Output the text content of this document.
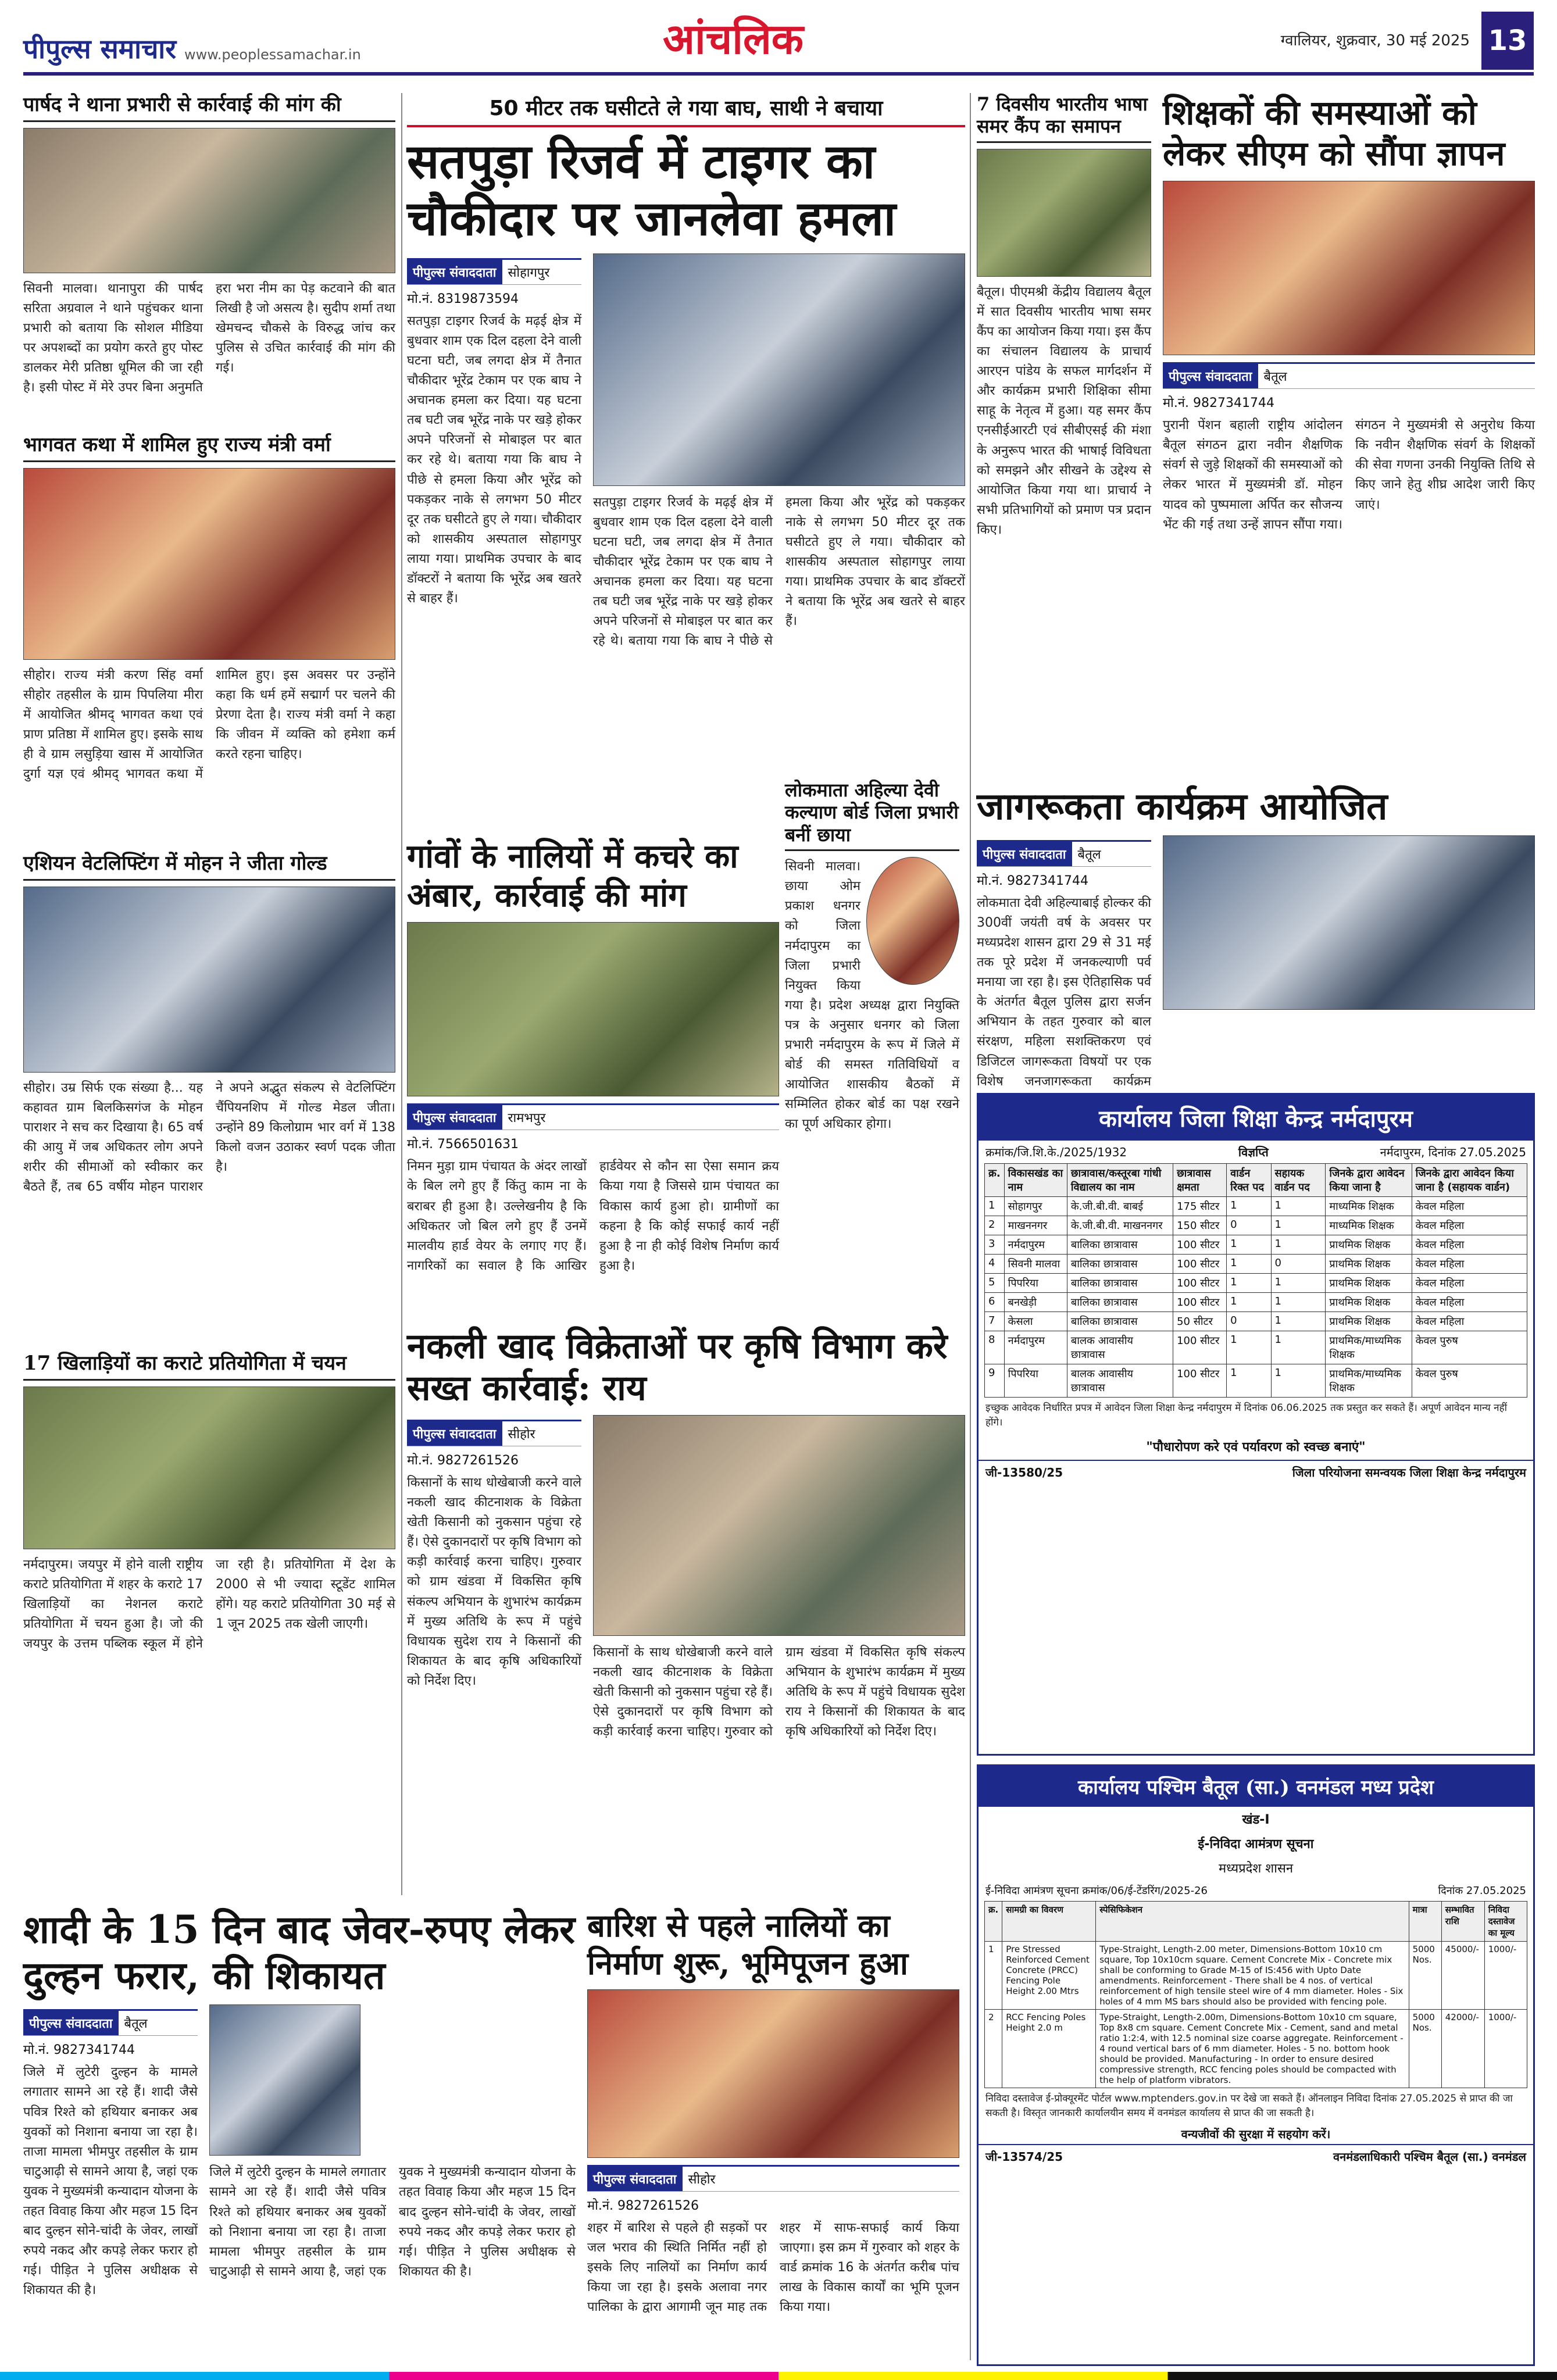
पीपुल्स समाचार www.peoplessamachar.in	आंचलिक	ग्वालियर, शुक्रवार, 30 मई 2025 13
पार्षद ने थाना प्रभारी से कार्रवाई की मांग की
सिवनी मालवा। थानापुरा की पार्षद सरिता अग्रवाल ने थाने पहुंचकर थाना प्रभारी को बताया कि सोशल मीडिया पर अपशब्दों का प्रयोग करते हुए पोस्ट डालकर मेरी प्रतिष्ठा धूमिल की जा रही है। इसी पोस्ट में मेरे उपर बिना अनुमति हरा भरा नीम का पेड़ कटवाने की बात लिखी है जो असत्य है। सुदीप शर्मा तथा खेमचन्द चौकसे के विरुद्ध जांच कर पुलिस से उचित कार्रवाई की मांग की गई।
भागवत कथा में शामिल हुए राज्य मंत्री वर्मा
सीहोर। राज्य मंत्री करण सिंह वर्मा सीहोर तहसील के ग्राम पिपलिया मीरा में आयोजित श्रीमद् भागवत कथा एवं प्राण प्रतिष्ठा में शामिल हुए। इसके साथ ही वे ग्राम लसुड़िया खास में आयोजित दुर्गा यज्ञ एवं श्रीमद् भागवत कथा में शामिल हुए। इस अवसर पर उन्होंने कहा कि धर्म हमें सद्मार्ग पर चलने की प्रेरणा देता है। राज्य मंत्री वर्मा ने कहा कि जीवन में व्यक्ति को हमेशा कर्म करते रहना चाहिए।
एशियन वेटलिफ्टिंग में मोहन ने जीता गोल्ड
सीहोर। उम्र सिर्फ एक संख्या है... यह कहावत ग्राम बिलकिसगंज के मोहन पाराशर ने सच कर दिखाया है। 65 वर्ष की आयु में जब अधिकतर लोग अपने शरीर की सीमाओं को स्वीकार कर बैठते हैं, तब 65 वर्षीय मोहन पाराशर ने अपने अद्भुत संकल्प से वेटलिफ्टिंग चैंपियनशिप में गोल्ड मेडल जीता। उन्होंने 89 किलोग्राम भार वर्ग में 138 किलो वजन उठाकर स्वर्ण पदक जीता है।
17 खिलाड़ियों का कराटे प्रतियोगिता में चयन
नर्मदापुरम। जयपुर में होने वाली राष्ट्रीय कराटे प्रतियोगिता में शहर के कराटे 17 खिलाड़ियों का नेशनल कराटे प्रतियोगिता में चयन हुआ है। जो की जयपुर के उत्तम पब्लिक स्कूल में होने जा रही है। प्रतियोगिता में देश के 2000 से भी ज्यादा स्टूडेंट शामिल होंगे। यह कराटे प्रतियोगिता 30 मई से 1 जून 2025 तक खेली जाएगी।
50 मीटर तक घसीटते ले गया बाघ, साथी ने बचाया
सतपुड़ा रिजर्व में टाइगर का चौकीदार पर जानलेवा हमला
पीपुल्स संवाददाता सोहागपुर
मो.नं. 8319873594
सतपुड़ा टाइगर रिजर्व के मढ़ई क्षेत्र में बुधवार शाम एक दिल दहला देने वाली घटना घटी, जब लगदा क्षेत्र में तैनात चौकीदार भूरेंद्र टेकाम पर एक बाघ ने अचानक हमला कर दिया। यह घटना तब घटी जब भूरेंद्र नाके पर खड़े होकर अपने परिजनों से मोबाइल पर बात कर रहे थे। बताया गया कि बाघ ने पीछे से हमला किया और भूरेंद्र को पकड़कर नाके से लगभग 50 मीटर दूर तक घसीटते हुए ले गया। चौकीदार को शासकीय अस्पताल सोहागपुर लाया गया। प्राथमिक उपचार के बाद डॉक्टरों ने बताया कि भूरेंद्र अब खतरे से बाहर हैं।
सतपुड़ा टाइगर रिजर्व के मढ़ई क्षेत्र में बुधवार शाम एक दिल दहला देने वाली घटना घटी, जब लगदा क्षेत्र में तैनात चौकीदार भूरेंद्र टेकाम पर एक बाघ ने अचानक हमला कर दिया। यह घटना तब घटी जब भूरेंद्र नाके पर खड़े होकर अपने परिजनों से मोबाइल पर बात कर रहे थे। बताया गया कि बाघ ने पीछे से हमला किया और भूरेंद्र को पकड़कर नाके से लगभग 50 मीटर दूर तक घसीटते हुए ले गया। चौकीदार को शासकीय अस्पताल सोहागपुर लाया गया। प्राथमिक उपचार के बाद डॉक्टरों ने बताया कि भूरेंद्र अब खतरे से बाहर हैं।
गांवों के नालियों में कचरे का अंबार, कार्रवाई की मांग
पीपुल्स संवाददाता रामभपुर
मो.नं. 7566501631
निमन मुड़ा ग्राम पंचायत के अंदर लाखों के बिल लगे हुए हैं किंतु काम ना के बराबर ही हुआ है। उल्लेखनीय है कि अधिकतर जो बिल लगे हुए हैं उनमें मालवीय हार्ड वेयर के लगाए गए हैं। नागरिकों का सवाल है कि आखिर हार्डवेयर से कौन सा ऐसा समान क्रय किया गया है जिससे ग्राम पंचायत का विकास कार्य हुआ हो। ग्रामीणों का कहना है कि कोई सफाई कार्य नहीं हुआ है ना ही कोई विशेष निर्माण कार्य हुआ है।
लोकमाता अहिल्या देवी कल्याण बोर्ड जिला प्रभारी बनीं छाया
सिवनी मालवा। छाया ओम प्रकाश धनगर को जिला नर्मदापुरम का जिला प्रभारी नियुक्त किया गया है। प्रदेश अध्यक्ष द्वारा नियुक्ति पत्र के अनुसार धनगर को जिला प्रभारी नर्मदापुरम के रूप में जिले में बोर्ड की समस्त गतिविधियों व आयोजित शासकीय बैठकों में सम्मिलित होकर बोर्ड का पक्ष रखने का पूर्ण अधिकार होगा।
नकली खाद विक्रेताओं पर कृषि विभाग करे सख्त कार्रवाई: राय
पीपुल्स संवाददाता सीहोर
मो.नं. 9827261526
किसानों के साथ धोखेबाजी करने वाले नकली खाद कीटनाशक के विक्रेता खेती किसानी को नुकसान पहुंचा रहे हैं। ऐसे दुकानदारों पर कृषि विभाग को कड़ी कार्रवाई करना चाहिए। गुरुवार को ग्राम खंडवा में विकसित कृषि संकल्प अभियान के शुभारंभ कार्यक्रम में मुख्य अतिथि के रूप में पहुंचे विधायक सुदेश राय ने किसानों की शिकायत के बाद कृषि अधिकारियों को निर्देश दिए।
किसानों के साथ धोखेबाजी करने वाले नकली खाद कीटनाशक के विक्रेता खेती किसानी को नुकसान पहुंचा रहे हैं। ऐसे दुकानदारों पर कृषि विभाग को कड़ी कार्रवाई करना चाहिए। गुरुवार को ग्राम खंडवा में विकसित कृषि संकल्प अभियान के शुभारंभ कार्यक्रम में मुख्य अतिथि के रूप में पहुंचे विधायक सुदेश राय ने किसानों की शिकायत के बाद कृषि अधिकारियों को निर्देश दिए।
शादी के 15 दिन बाद जेवर-रुपए लेकर दुल्हन फरार, की शिकायत
पीपुल्स संवाददाता बैतूल
मो.नं. 9827341744
जिले में लुटेरी दुल्हन के मामले लगातार सामने आ रहे हैं। शादी जैसे पवित्र रिश्ते को हथियार बनाकर अब युवकों को निशाना बनाया जा रहा है। ताजा मामला भीमपुर तहसील के ग्राम चाटुआढ़ी से सामने आया है, जहां एक युवक ने मुख्यमंत्री कन्यादान योजना के तहत विवाह किया और महज 15 दिन बाद दुल्हन सोने-चांदी के जेवर, लाखों रुपये नकद और कपड़े लेकर फरार हो गई। पीड़ित ने पुलिस अधीक्षक से शिकायत की है।
जिले में लुटेरी दुल्हन के मामले लगातार सामने आ रहे हैं। शादी जैसे पवित्र रिश्ते को हथियार बनाकर अब युवकों को निशाना बनाया जा रहा है। ताजा मामला भीमपुर तहसील के ग्राम चाटुआढ़ी से सामने आया है, जहां एक युवक ने मुख्यमंत्री कन्यादान योजना के तहत विवाह किया और महज 15 दिन बाद दुल्हन सोने-चांदी के जेवर, लाखों रुपये नकद और कपड़े लेकर फरार हो गई। पीड़ित ने पुलिस अधीक्षक से शिकायत की है।
बारिश से पहले नालियों का निर्माण शुरू, भूमिपूजन हुआ
पीपुल्स संवाददाता सीहोर
मो.नं. 9827261526
शहर में बारिश से पहले ही सड़कों पर जल भराव की स्थिति निर्मित नहीं हो इसके लिए नालियों का निर्माण कार्य किया जा रहा है। इसके अलावा नगर पालिका के द्वारा आगामी जून माह तक शहर में साफ-सफाई कार्य किया जाएगा। इस क्रम में गुरुवार को शहर के वार्ड क्रमांक 16 के अंतर्गत करीब पांच लाख के विकास कार्यों का भूमि पूजन किया गया।
7 दिवसीय भारतीय भाषा समर कैंप का समापन
बैतूल। पीएमश्री केंद्रीय विद्यालय बैतूल में सात दिवसीय भारतीय भाषा समर कैंप का आयोजन किया गया। इस कैंप का संचालन विद्यालय के प्राचार्य आरएन पांडेय के सफल मार्गदर्शन में और कार्यक्रम प्रभारी शिक्षिका सीमा साहू के नेतृत्व में हुआ। यह समर कैंप एनसीईआरटी एवं सीबीएसई की मंशा के अनुरूप भारत की भाषाई विविधता को समझने और सीखने के उद्देश्य से आयोजित किया गया था। प्राचार्य ने सभी प्रतिभागियों को प्रमाण पत्र प्रदान किए।
शिक्षकों की समस्याओं को लेकर सीएम को सौंपा ज्ञापन
पीपुल्स संवाददाता बैतूल
मो.नं. 9827341744
पुरानी पेंशन बहाली राष्ट्रीय आंदोलन बैतूल संगठन द्वारा नवीन शैक्षणिक संवर्ग से जुड़े शिक्षकों की समस्याओं को लेकर भारत में मुख्यमंत्री डॉ. मोहन यादव को पुष्पमाला अर्पित कर सौजन्य भेंट की गई तथा उन्हें ज्ञापन सौंपा गया। संगठन ने मुख्यमंत्री से अनुरोध किया कि नवीन शैक्षणिक संवर्ग के शिक्षकों की सेवा गणना उनकी नियुक्ति तिथि से किए जाने हेतु शीघ्र आदेश जारी किए जाएं।
जागरूकता कार्यक्रम आयोजित
पीपुल्स संवाददाता बैतूल
मो.नं. 9827341744
लोकमाता देवी अहिल्याबाई होल्कर की 300वीं जयंती वर्ष के अवसर पर मध्यप्रदेश शासन द्वारा 29 से 31 मई तक पूरे प्रदेश में जनकल्याणी पर्व मनाया जा रहा है। इस ऐतिहासिक पर्व के अंतर्गत बैतूल पुलिस द्वारा सर्जन अभियान के तहत गुरुवार को बाल संरक्षण, महिला सशक्तिकरण एवं डिजिटल जागरूकता विषयों पर एक विशेष जनजागरूकता कार्यक्रम
कार्यालय जिला शिक्षा केन्द्र नर्मदापुरम
क्रमांक/जि.शि.के./2025/1932	विज्ञप्ति	नर्मदापुरम, दिनांक 27.05.2025
क्र.	विकासखंड का नाम	छात्रावास/कस्तूरबा गांधी विद्यालय का नाम	छात्रावास क्षमता	वार्डन रिक्त पद	सहायक वार्डन पद	जिनके द्वारा आवेदन किया जाना है	जिनके द्वारा आवेदन किया जाना है (सहायक वार्डन)
1	सोहागपुर	के.जी.बी.वी. बाबई	175 सीटर	1	1	माध्यमिक शिक्षक	केवल महिला
2	माखननगर	के.जी.बी.वी. माखननगर	150 सीटर	0	1	माध्यमिक शिक्षक	केवल महिला
3	नर्मदापुरम	बालिका छात्रावास	100 सीटर	1	1	प्राथमिक शिक्षक	केवल महिला
4	सिवनी मालवा	बालिका छात्रावास	100 सीटर	1	0	प्राथमिक शिक्षक	केवल महिला
5	पिपरिया	बालिका छात्रावास	100 सीटर	1	1	प्राथमिक शिक्षक	केवल महिला
6	बनखेड़ी	बालिका छात्रावास	100 सीटर	1	1	प्राथमिक शिक्षक	केवल महिला
7	केसला	बालिका छात्रावास	50 सीटर	0	1	प्राथमिक शिक्षक	केवल महिला
8	नर्मदापुरम	बालक आवासीय छात्रावास	100 सीटर	1	1	प्राथमिक/माध्यमिक शिक्षक	केवल पुरुष
9	पिपरिया	बालक आवासीय छात्रावास	100 सीटर	1	1	प्राथमिक/माध्यमिक शिक्षक	केवल पुरुष
इच्छुक आवेदक निर्धारित प्रपत्र में आवेदन जिला शिक्षा केन्द्र नर्मदापुरम में दिनांक 06.06.2025 तक प्रस्तुत कर सकते हैं। अपूर्ण आवेदन मान्य नहीं होंगे।
"पौधारोपण करे एवं पर्यावरण को स्वच्छ बनाएं"
जी-13580/25	जिला परियोजना समन्वयक जिला शिक्षा केन्द्र नर्मदापुरम
कार्यालय पश्चिम बैतूल (सा.) वनमंडल मध्य प्रदेश
खंड-I
ई-निविदा आमंत्रण सूचना
मध्यप्रदेश शासन
ई-निविदा आमंत्रण सूचना क्रमांक/06/ई-टेंडरिंग/2025-26	दिनांक 27.05.2025
क्र.	सामग्री का विवरण	स्पेसिफिकेशन	मात्रा	सम्भावित राशि	निविदा दस्तावेज का मूल्य
1	Pre Stressed Reinforced Cement Concrete (PRCC) Fencing Pole Height 2.00 Mtrs	Type-Straight, Length-2.00 meter, Dimensions-Bottom 10x10 cm square, Top 10x10cm square. Cement Concrete Mix - Concrete mix shall be conforming to Grade M-15 of IS:456 with Upto Date amendments. Reinforcement - There shall be 4 nos. of vertical reinforcement of high tensile steel wire of 4 mm diameter. Holes - Six holes of 4 mm MS bars should also be provided with fencing pole.	5000 Nos.	45000/-	1000/-
2	RCC Fencing Poles Height 2.0 m	Type-Straight, Length-2.00m, Dimensions-Bottom 10x10 cm square, Top 8x8 cm square. Cement Concrete Mix - Cement, sand and metal ratio 1:2:4, with 12.5 nominal size coarse aggregate. Reinforcement - 4 round vertical bars of 6 mm diameter. Holes - 5 no. bottom hook should be provided. Manufacturing - In order to ensure desired compressive strength, RCC fencing poles should be compacted with the help of platform vibrators.	5000 Nos.	42000/-	1000/-
निविदा दस्तावेज ई-प्रोक्यूरमेंट पोर्टल www.mptenders.gov.in पर देखे जा सकते हैं। ऑनलाइन निविदा दिनांक 27.05.2025 से प्राप्त की जा सकती है। विस्तृत जानकारी कार्यालयीन समय में वनमंडल कार्यालय से प्राप्त की जा सकती है।
वन्यजीवों की सुरक्षा में सहयोग करें।
जी-13574/25	वनमंडलाधिकारी पश्चिम बैतूल (सा.) वनमंडल
